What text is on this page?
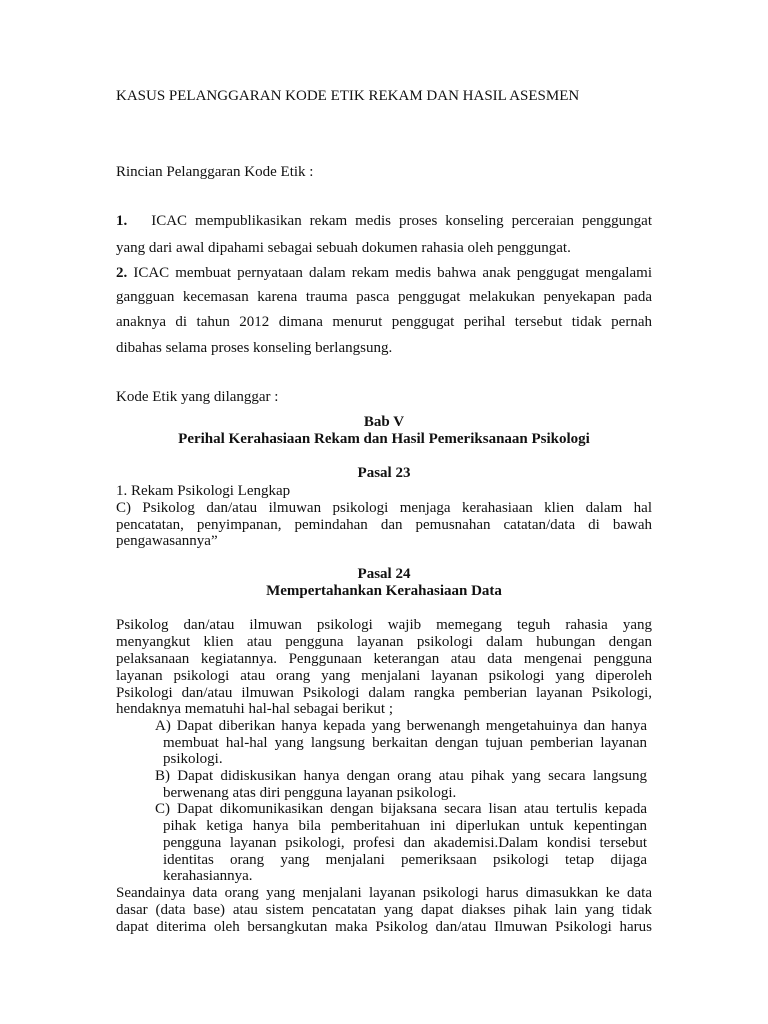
KASUS PELANGGARAN KODE ETIK REKAM DAN HASIL ASESMEN
Rincian Pelanggaran Kode Etik :
1. ICAC mempublikasikan rekam medis proses konseling perceraian penggungat
yang dari awal dipahami sebagai sebuah dokumen rahasia oleh penggungat.
2. ICAC membuat pernyataan dalam rekam medis bahwa anak penggugat mengalami
gangguan kecemasan karena trauma pasca penggugat melakukan penyekapan pada
anaknya di tahun 2012 dimana menurut penggugat perihal tersebut tidak pernah
dibahas selama proses konseling berlangsung.
Kode Etik yang dilanggar :
Bab V
Perihal Kerahasiaan Rekam dan Hasil Pemeriksanaan Psikologi
Pasal 23
1. Rekam Psikologi Lengkap
C) Psikolog dan/atau ilmuwan psikologi menjaga kerahasiaan klien dalam hal
pencatatan, penyimpanan, pemindahan dan pemusnahan catatan/data di bawah
pengawasannya”
Pasal 24
Mempertahankan Kerahasiaan Data
Psikolog dan/atau ilmuwan psikologi wajib memegang teguh rahasia yang
menyangkut klien atau pengguna layanan psikologi dalam hubungan dengan
pelaksanaan kegiatannya. Penggunaan keterangan atau data mengenai pengguna
layanan psikologi atau orang yang menjalani layanan psikologi yang diperoleh
Psikologi dan/atau ilmuwan Psikologi dalam rangka pemberian layanan Psikologi,
hendaknya mematuhi hal-hal sebagai berikut ;
A) Dapat diberikan hanya kepada yang berwenangh mengetahuinya dan hanya
membuat hal-hal yang langsung berkaitan dengan tujuan pemberian layanan
psikologi.
B) Dapat didiskusikan hanya dengan orang atau pihak yang secara langsung
berwenang atas diri pengguna layanan psikologi.
C) Dapat dikomunikasikan dengan bijaksana secara lisan atau tertulis kepada
pihak ketiga hanya bila pemberitahuan ini diperlukan untuk kepentingan
pengguna layanan psikologi, profesi dan akademisi.Dalam kondisi tersebut
identitas orang yang menjalani pemeriksaan psikologi tetap dijaga
kerahasiannya.
Seandainya data orang yang menjalani layanan psikologi harus dimasukkan ke data
dasar (data base) atau sistem pencatatan yang dapat diakses pihak lain yang tidak
dapat diterima oleh bersangkutan maka Psikolog dan/atau Ilmuwan Psikologi harus
